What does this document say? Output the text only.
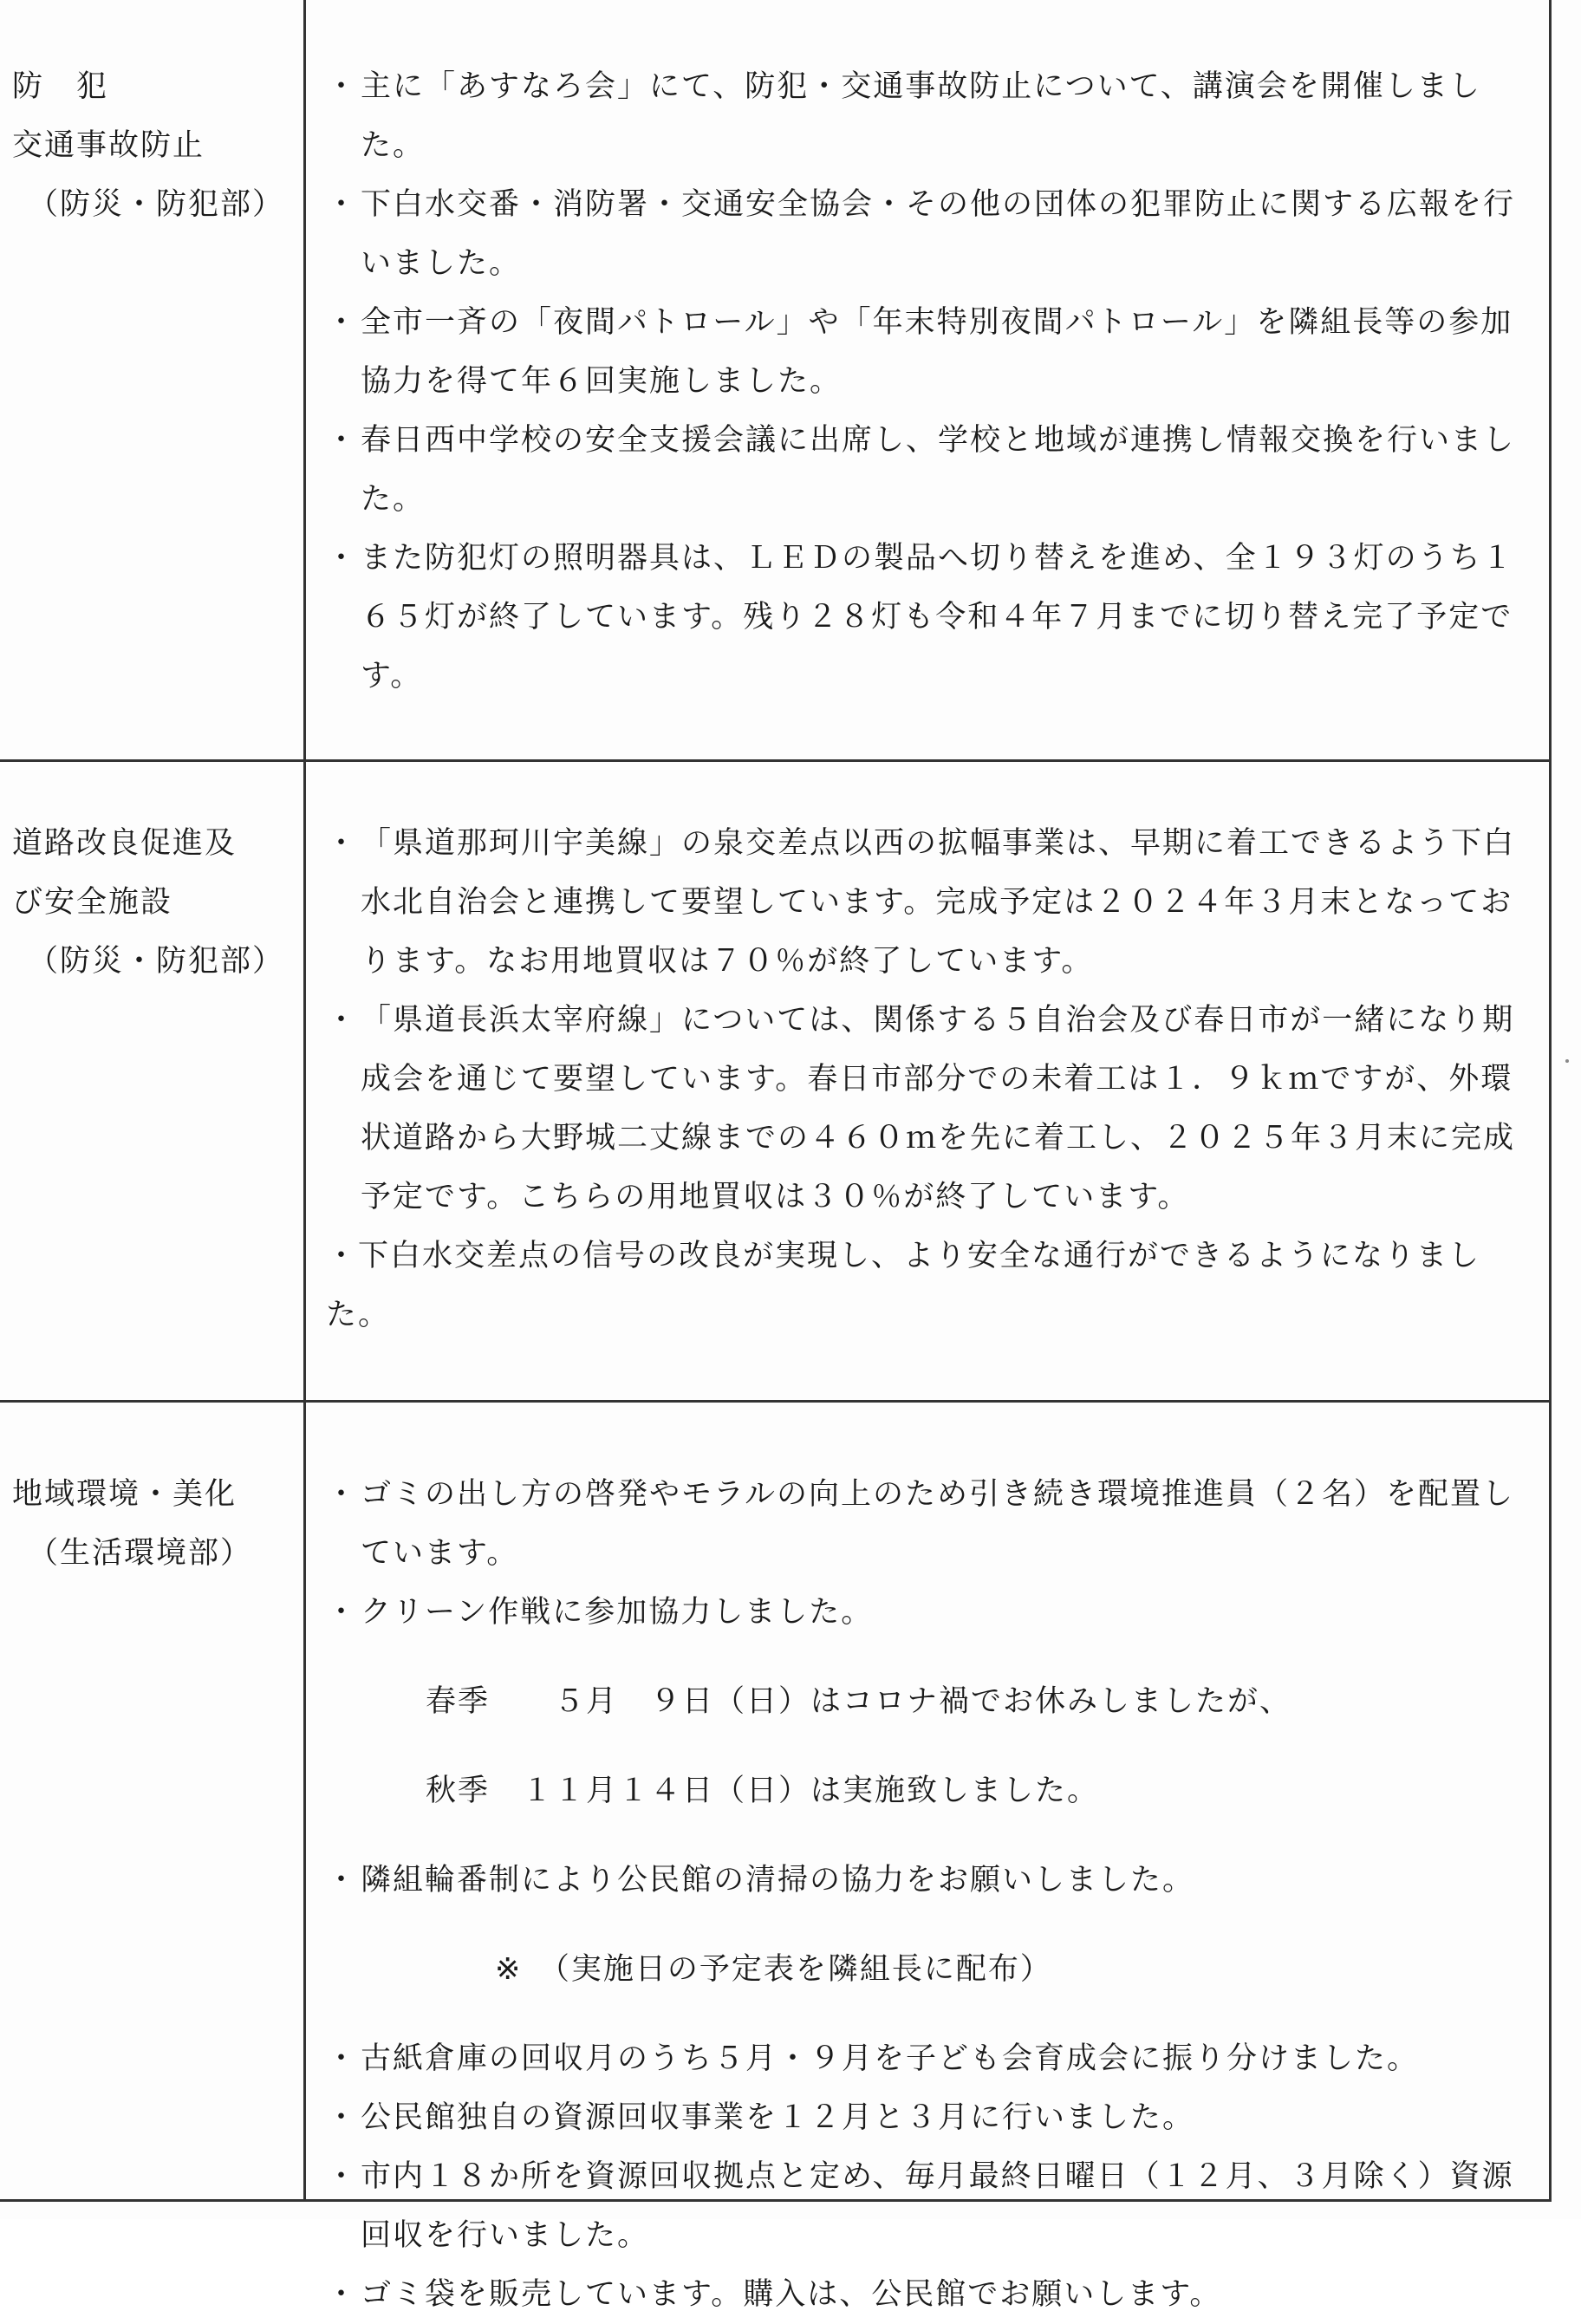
防　犯
交通事故防止
（防災・防犯部）

・ 主に「あすなろ会」にて、防犯・交通事故防止について、講演会を開催しました。

・ 下白水交番・消防署・交通安全協会・その他の団体の犯罪防止に関する広報を行いました。

・ 全市一斉の「夜間パトロール」や「年末特別夜間パトロール」を隣組長等の参加協力を得て年６回実施しました。

・ 春日西中学校の安全支援会議に出席し、学校と地域が連携し情報交換を行いました。

・ また防犯灯の照明器具は、ＬＥＤの製品へ切り替えを進め、全１９３灯のうち１６５灯が終了しています。残り２８灯も令和４年７月までに切り替え完了予定です。

道路改良促進及
び安全施設
（防災・防犯部）

・ 「県道那珂川宇美線」の泉交差点以西の拡幅事業は、早期に着工できるよう下白水北自治会と連携して要望しています。完成予定は２０２４年３月末となっております。なお用地買収は７０％が終了しています。

・ 「県道長浜太宰府線」については、関係する５自治会及び春日市が一緒になり期成会を通じて要望しています。春日市部分での未着工は１．９ｋｍですが、外環状道路から大野城二丈線までの４６０ｍを先に着工し、２０２５年３月末に完成予定です。こちらの用地買収は３０％が終了しています。

・下白水交差点の信号の改良が実現し、より安全な通行ができるようになりました。

地域環境・美化
（生活環境部）

・ ゴミの出し方の啓発やモラルの向上のため引き続き環境推進員（２名）を配置しています。

・ クリーン作戦に参加協力しました。

春季　　５月　９日（日）はコロナ禍でお休みしましたが、

秋季　１１月１４日（日）は実施致しました。

・ 隣組輪番制により公民館の清掃の協力をお願いしました。

※　（実施日の予定表を隣組長に配布）

・ 古紙倉庫の回収月のうち５月・９月を子ども会育成会に振り分けました。

・ 公民館独自の資源回収事業を１２月と３月に行いました。

・ 市内１８か所を資源回収拠点と定め、毎月最終日曜日（１２月、３月除く）資源回収を行いました。

・ ゴミ袋を販売しています。購入は、公民館でお願いします。
